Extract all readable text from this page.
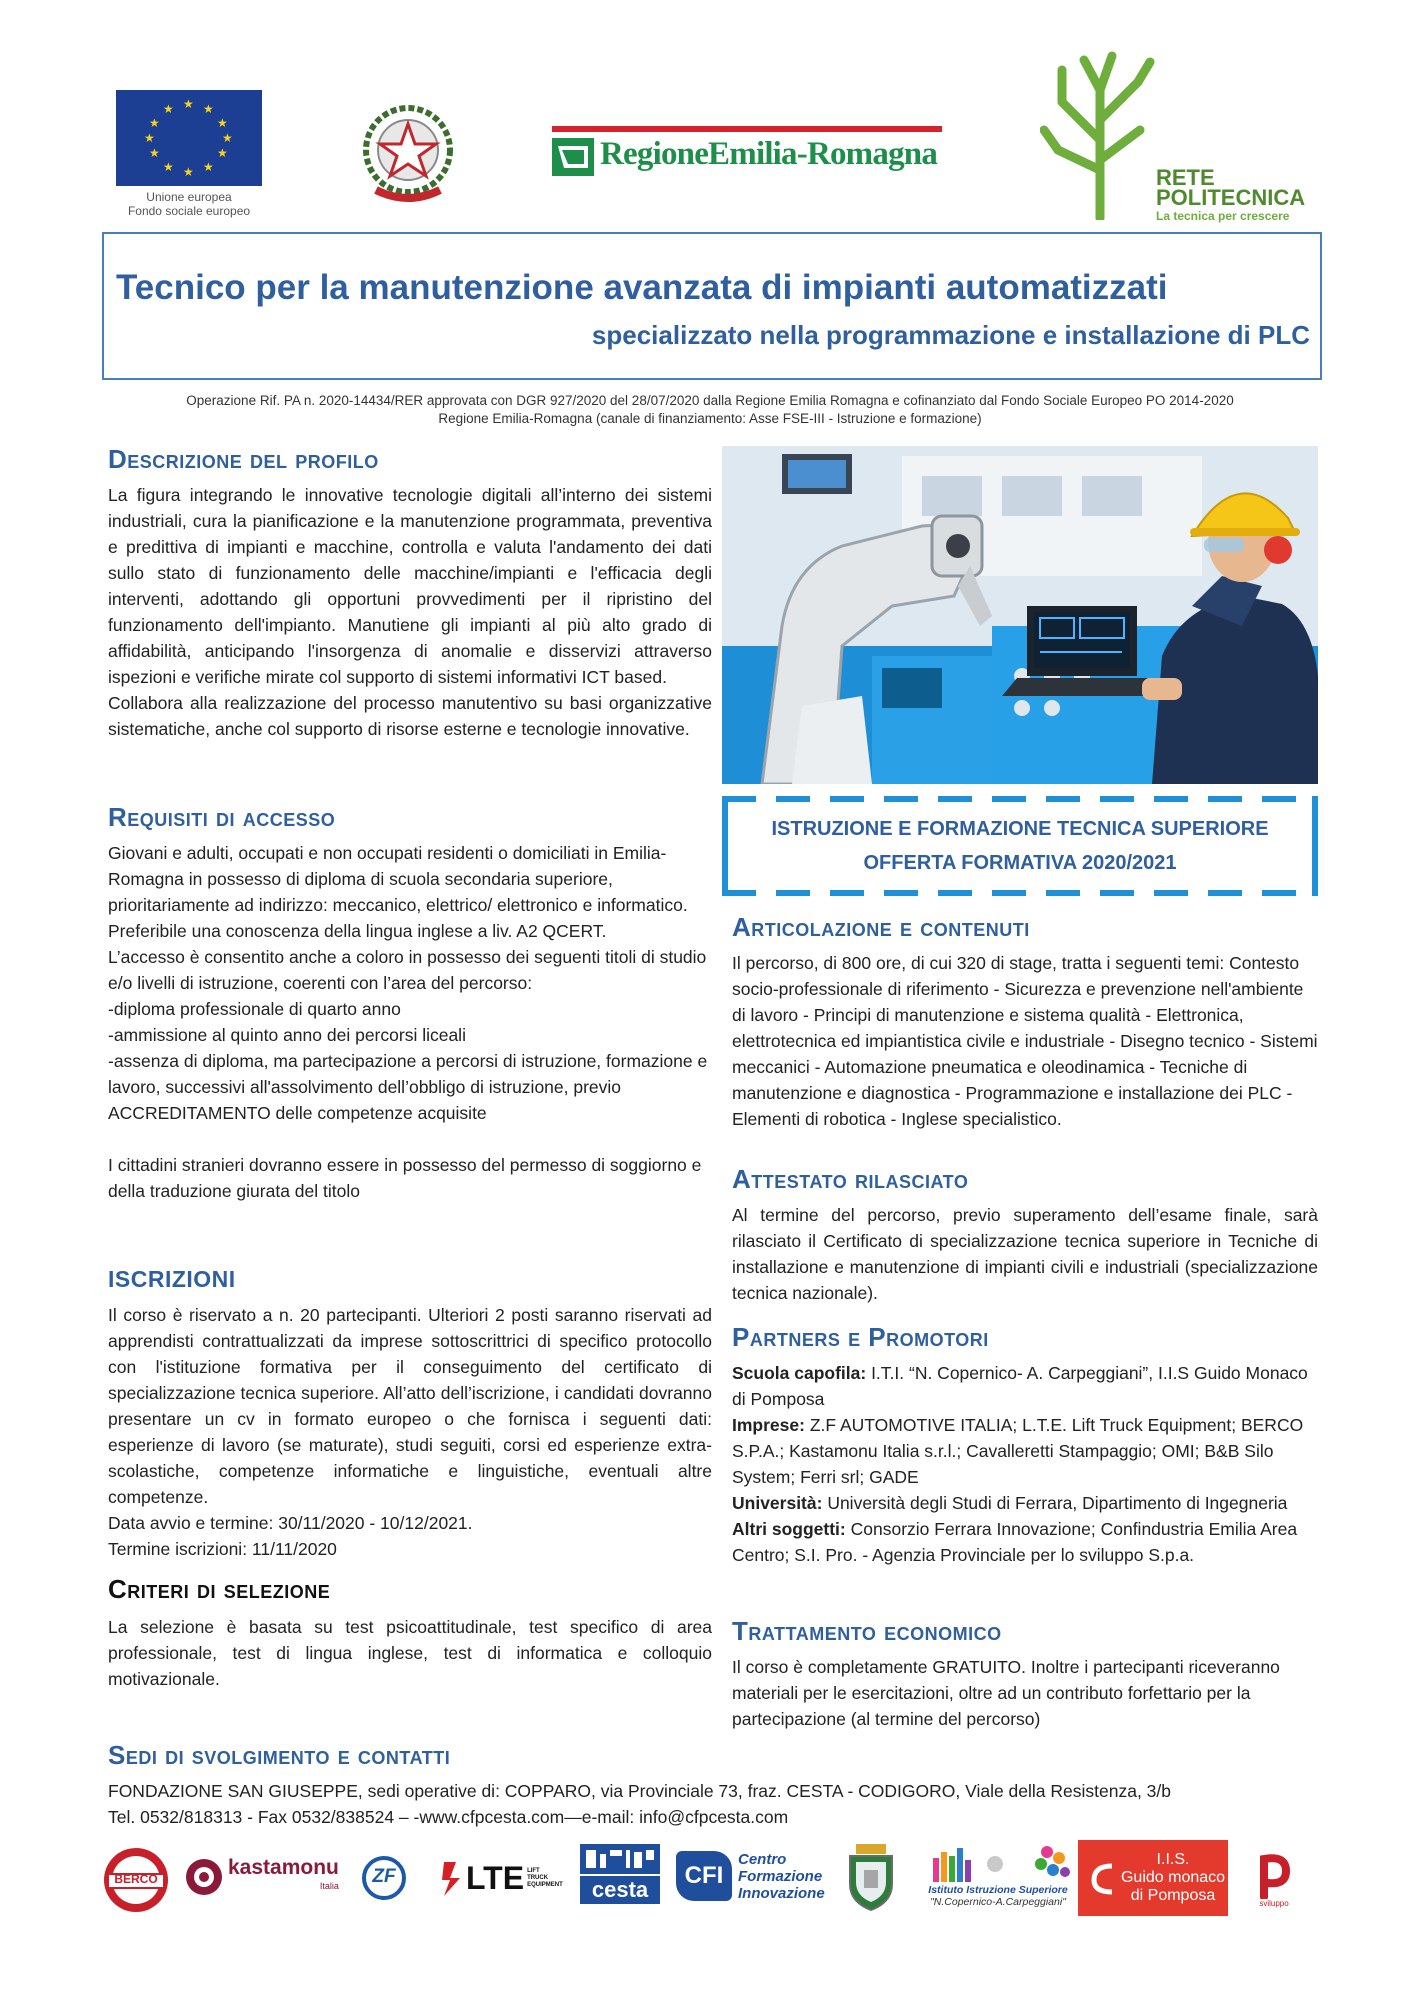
★ ★
★
★
★
★
★
★
★
★
★
★
Unione europea
Fondo sociale europeo
RegioneEmilia-Romagna
RETE
POLITECNICA
La tecnica per crescere
Tecnico per la manutenzione avanzata di impianti automatizzati
specializzato nella programmazione e installazione di PLC
Operazione Rif. PA n. 2020-14434/RER approvata con DGR 927/2020 del 28/07/2020 dalla Regione Emilia Romagna e cofinanziato dal Fondo Sociale Europeo PO 2014-2020
Regione Emilia-Romagna (canale di finanziamento: Asse FSE-III - Istruzione e formazione)
Descrizione del profilo
La figura integrando le innovative tecnologie digitali all’interno dei sistemi industriali, cura la pianificazione e la manutenzione programmata, preventiva e predittiva di impianti e macchine, controlla e valuta l'andamento dei dati sullo stato di funzionamento delle macchine/impianti e l'efficacia degli interventi, adottando gli opportuni provvedimenti per il ripristino del funzionamento dell'impianto. Manutiene gli impianti al più alto grado di affidabilità, anticipando l'insorgenza di anomalie e disservizi attraverso ispezioni e verifiche mirate col supporto di sistemi informativi ICT based.
Collabora alla realizzazione del processo manutentivo su basi organizzative sistematiche, anche col supporto di risorse esterne e tecnologie innovative.
Requisiti di accesso
Giovani e adulti, occupati e non occupati residenti o domiciliati in Emilia-Romagna in possesso di diploma di scuola secondaria superiore, prioritariamente ad indirizzo: meccanico, elettrico/ elettronico e informatico. Preferibile una conoscenza della lingua inglese a liv. A2 QCERT.
L’accesso è consentito anche a coloro in possesso dei seguenti titoli di studio e/o livelli di istruzione, coerenti con l’area del percorso:
-diploma professionale di quarto anno
-ammissione al quinto anno dei percorsi liceali
-assenza di diploma, ma partecipazione a percorsi di istruzione, formazione e lavoro, successivi all'assolvimento dell’obbligo di istruzione, previo ACCREDITAMENTO delle competenze acquisite
I cittadini stranieri dovranno essere in possesso del permesso di soggiorno e della traduzione giurata del titolo
ISCRIZIONI
Il corso è riservato a n. 20 partecipanti. Ulteriori 2 posti saranno riservati ad apprendisti contrattualizzati da imprese sottoscrittrici di specifico protocollo con l'istituzione formativa per il conseguimento del certificato di specializzazione tecnica superiore. All’atto dell’iscrizione, i candidati dovranno presentare un cv in formato europeo o che fornisca i seguenti dati: esperienze di lavoro (se maturate), studi seguiti, corsi ed esperienze extra-scolastiche, competenze informatiche e linguistiche, eventuali altre competenze.
Data avvio e termine: 30/11/2020 - 10/12/2021.
Termine iscrizioni: 11/11/2020
Criteri di selezione
La selezione è basata su test psicoattitudinale, test specifico di area professionale, test di lingua inglese, test di informatica e colloquio motivazionale.
ISTRUZIONE E FORMAZIONE TECNICA SUPERIORE
OFFERTA FORMATIVA 2020/2021
Articolazione e contenuti
Il percorso, di 800 ore, di cui 320 di stage, tratta i seguenti temi: Contesto socio-professionale di riferimento - Sicurezza e prevenzione nell'ambiente di lavoro - Principi di manutenzione e sistema qualità - Elettronica, elettrotecnica ed impiantistica civile e industriale - Disegno tecnico - Sistemi meccanici - Automazione pneumatica e oleodinamica - Tecniche di manutenzione e diagnostica - Programmazione e installazione dei PLC - Elementi di robotica - Inglese specialistico.
Attestato rilasciato
Al termine del percorso, previo superamento dell’esame finale, sarà rilasciato il Certificato di specializzazione tecnica superiore in Tecniche di installazione e manutenzione di impianti civili e industriali (specializzazione tecnica nazionale).
Partners e Promotori
Scuola capofila: I.T.I. “N. Copernico- A. Carpeggiani”, I.I.S Guido Monaco di Pomposa
Imprese: Z.F AUTOMOTIVE ITALIA; L.T.E. Lift Truck Equipment; BERCO S.P.A.; Kastamonu Italia s.r.l.; Cavalleretti Stampaggio; OMI; B&B Silo System; Ferri srl; GADE
Università: Università degli Studi di Ferrara, Dipartimento di Ingegneria
Altri soggetti: Consorzio Ferrara Innovazione; Confindustria Emilia Area Centro; S.I. Pro. - Agenzia Provinciale per lo sviluppo S.p.a.
Trattamento economico
Il corso è completamente GRATUITO. Inoltre i partecipanti riceveranno materiali per le esercitazioni, oltre ad un contributo forfettario per la partecipazione (al termine del percorso)
Sedi di svolgimento e contatti
FONDAZIONE SAN GIUSEPPE, sedi operative di: COPPARO, via Provinciale 73, fraz. CESTA - CODIGORO, Viale della Resistenza, 3/b
Tel. 0532/818313 - Fax 0532/838524 – -www.cfpcesta.com—e-mail: info@cfpcesta.com
BERCO	kastamonu
Italia	ZF	LTE LIFT
TRUCK
EQUIPMENT	cesta
CFI
Centro
Formazione
Innovazione	Istituto Istruzione Superiore
"N.Copernico-A.Carpeggiani"
I.I.S.
Guido monaco
di Pomposa	sviluppo
